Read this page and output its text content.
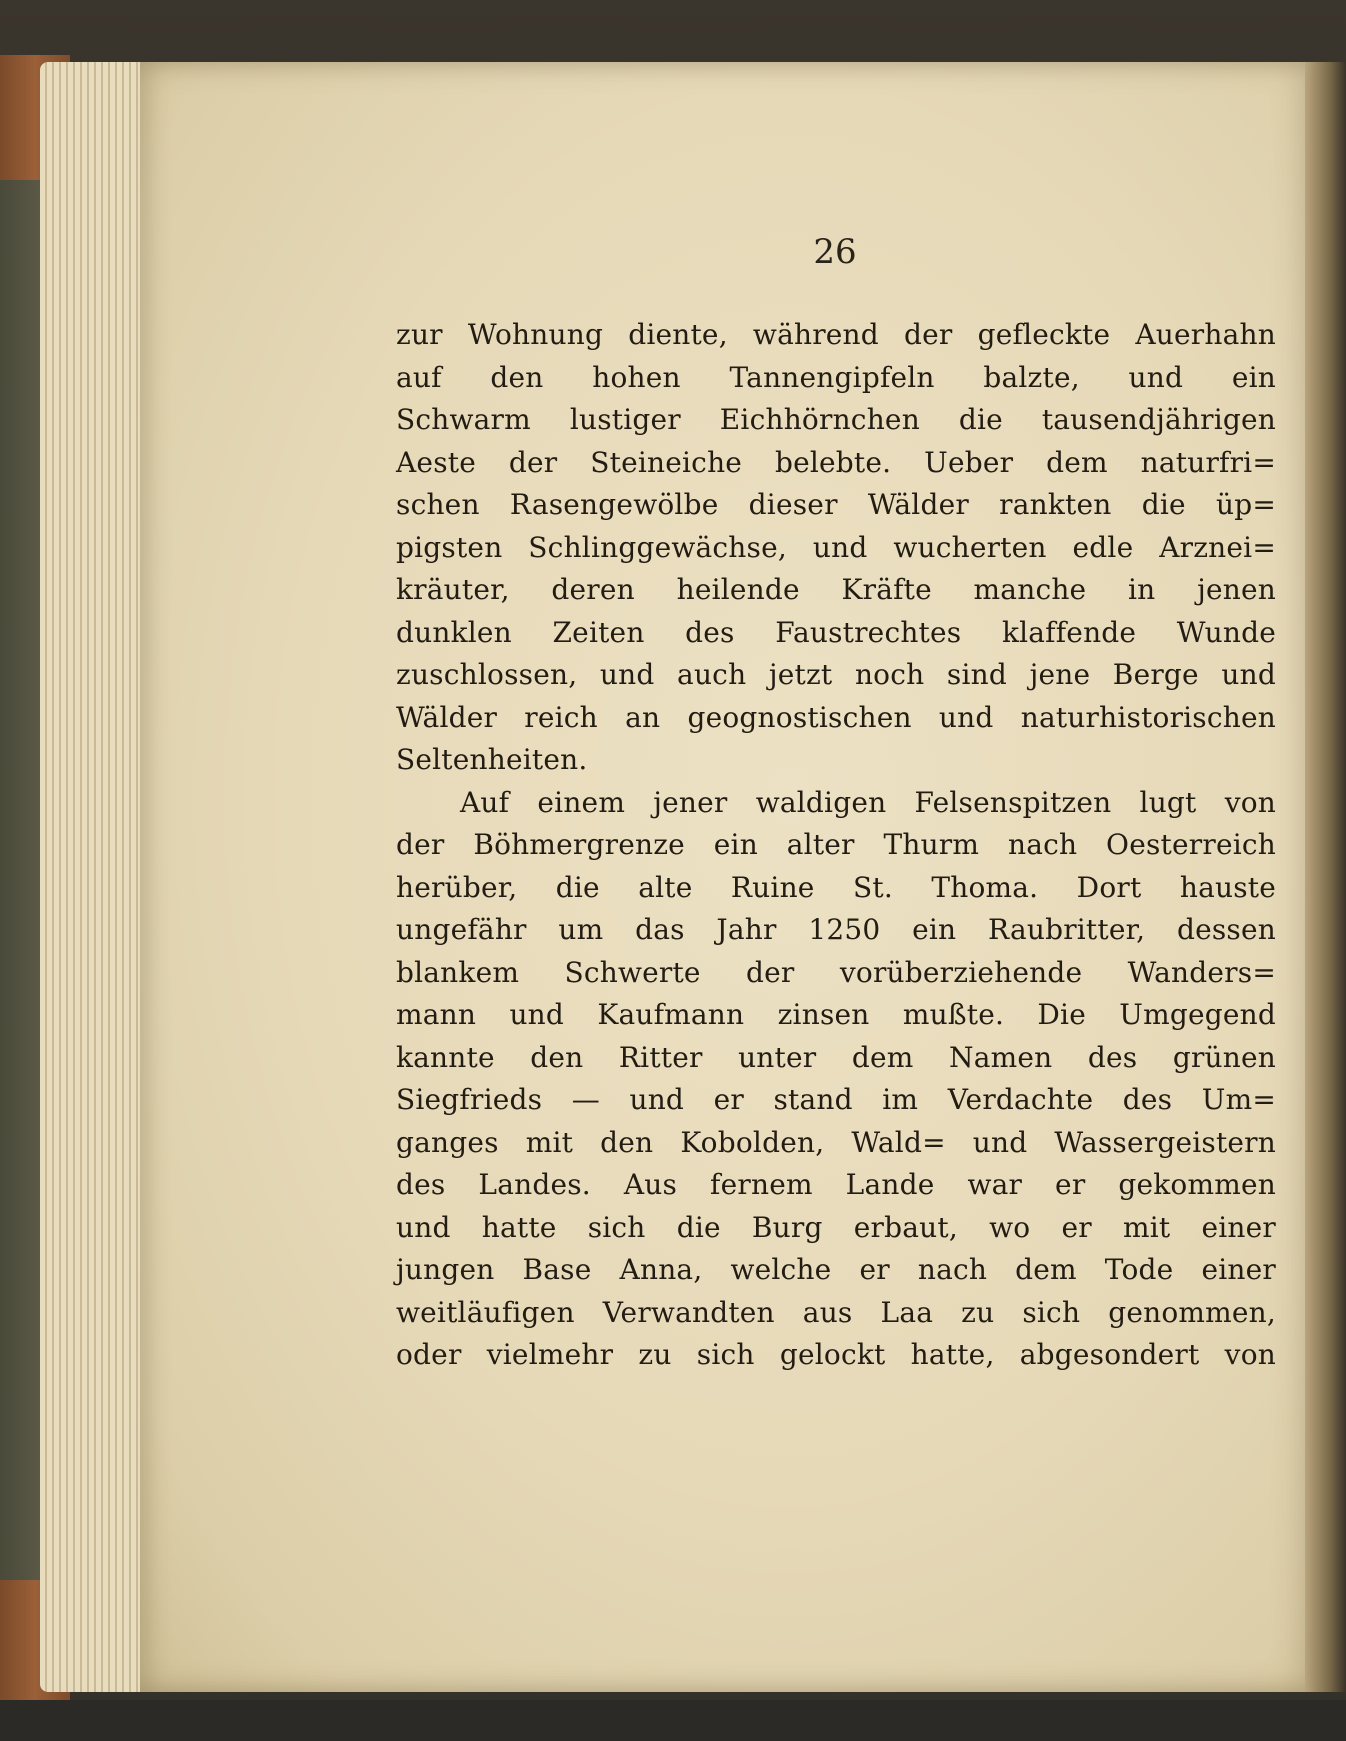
26
zur Wohnung diente, während der gefleckte Auerhahn
auf den hohen Tannengipfeln balzte, und ein
Schwarm lustiger Eichhörnchen die tausendjährigen
Aeste der Steineiche belebte. Ueber dem naturfri=
schen Rasengewölbe dieser Wälder rankten die üp=
pigsten Schlinggewächse, und wucherten edle Arznei=
kräuter, deren heilende Kräfte manche in jenen
dunklen Zeiten des Faustrechtes klaffende Wunde
zuschlossen, und auch jetzt noch sind jene Berge und
Wälder reich an geognostischen und naturhistorischen
Seltenheiten.
Auf einem jener waldigen Felsenspitzen lugt von
der Böhmergrenze ein alter Thurm nach Oesterreich
herüber, die alte Ruine St. Thoma. Dort hauste
ungefähr um das Jahr 1250 ein Raubritter, dessen
blankem Schwerte der vorüberziehende Wanders=
mann und Kaufmann zinsen mußte. Die Umgegend
kannte den Ritter unter dem Namen des grünen
Siegfrieds — und er stand im Verdachte des Um=
ganges mit den Kobolden, Wald= und Wassergeistern
des Landes. Aus fernem Lande war er gekommen
und hatte sich die Burg erbaut, wo er mit einer
jungen Base Anna, welche er nach dem Tode einer
weitläufigen Verwandten aus Laa zu sich genommen,
oder vielmehr zu sich gelockt hatte, abgesondert von
